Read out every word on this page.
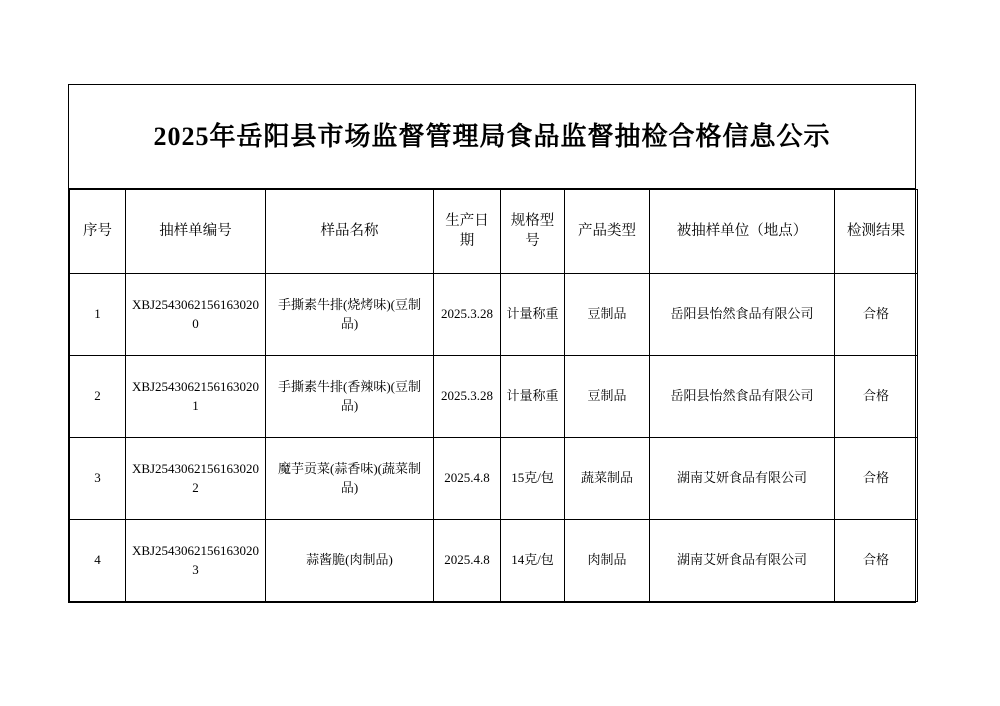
2025年岳阳县市场监督管理局食品监督抽检合格信息公示
序号	抽样单编号	样品名称	生产日期	规格型号	产品类型	被抽样单位（地点）	检测结果
1	XBJ25430621561630200	手撕素牛排(烧烤味)(豆制品)	2025.3.28	计量称重	豆制品	岳阳县怡然食品有限公司	合格
2	XBJ25430621561630201	手撕素牛排(香辣味)(豆制品)	2025.3.28	计量称重	豆制品	岳阳县怡然食品有限公司	合格
3	XBJ25430621561630202	魔芋贡菜(蒜香味)(蔬菜制品)	2025.4.8	15克/包	蔬菜制品	湖南艾妍食品有限公司	合格
4	XBJ25430621561630203	蒜酱脆(肉制品)	2025.4.8	14克/包	肉制品	湖南艾妍食品有限公司	合格
